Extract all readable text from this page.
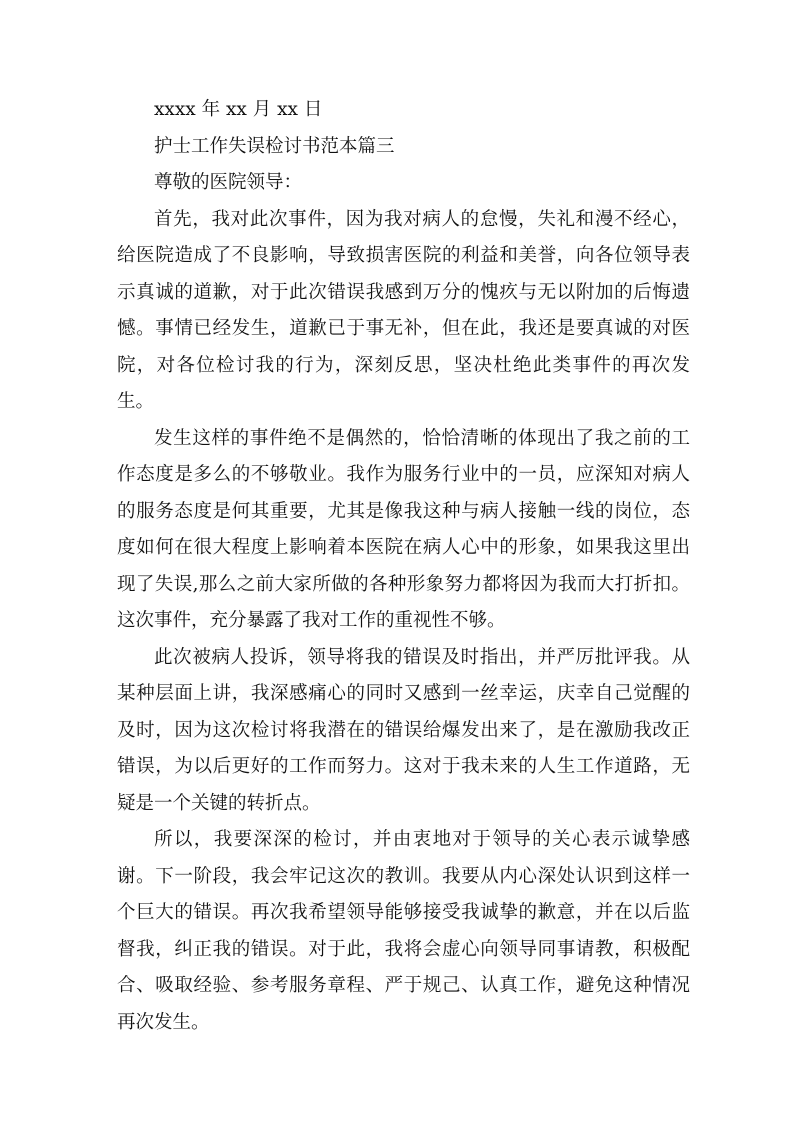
xxxx 年 xx 月 xx 日

护士工作失误检讨书范本篇三

尊敬的医院领导：

首先，我对此次事件，因为我对病人的怠慢，失礼和漫不经心，给医院造成了不良影响，导致损害医院的利益和美誉，向各位领导表示真诚的道歉，对于此次错误我感到万分的愧疚与无以附加的后悔遗憾。事情已经发生，道歉已于事无补，但在此，我还是要真诚的对医院，对各位检讨我的行为，深刻反思，坚决杜绝此类事件的再次发生。

发生这样的事件绝不是偶然的，恰恰清晰的体现出了我之前的工作态度是多么的不够敬业。我作为服务行业中的一员，应深知对病人的服务态度是何其重要，尤其是像我这种与病人接触一线的岗位，态度如何在很大程度上影响着本医院在病人心中的形象，如果我这里出现了失误,那么之前大家所做的各种形象努力都将因为我而大打折扣。这次事件，充分暴露了我对工作的重视性不够。

此次被病人投诉，领导将我的错误及时指出，并严厉批评我。从某种层面上讲，我深感痛心的同时又感到一丝幸运，庆幸自己觉醒的及时，因为这次检讨将我潜在的错误给爆发出来了，是在激励我改正错误，为以后更好的工作而努力。这对于我未来的人生工作道路，无疑是一个关键的转折点。

所以，我要深深的检讨，并由衷地对于领导的关心表示诚挚感谢。下一阶段，我会牢记这次的教训。我要从内心深处认识到这样一个巨大的错误。再次我希望领导能够接受我诚挚的歉意，并在以后监督我，纠正我的错误。对于此，我将会虚心向领导同事请教，积极配合、吸取经验、参考服务章程、严于规己、认真工作，避免这种情况再次发生。
